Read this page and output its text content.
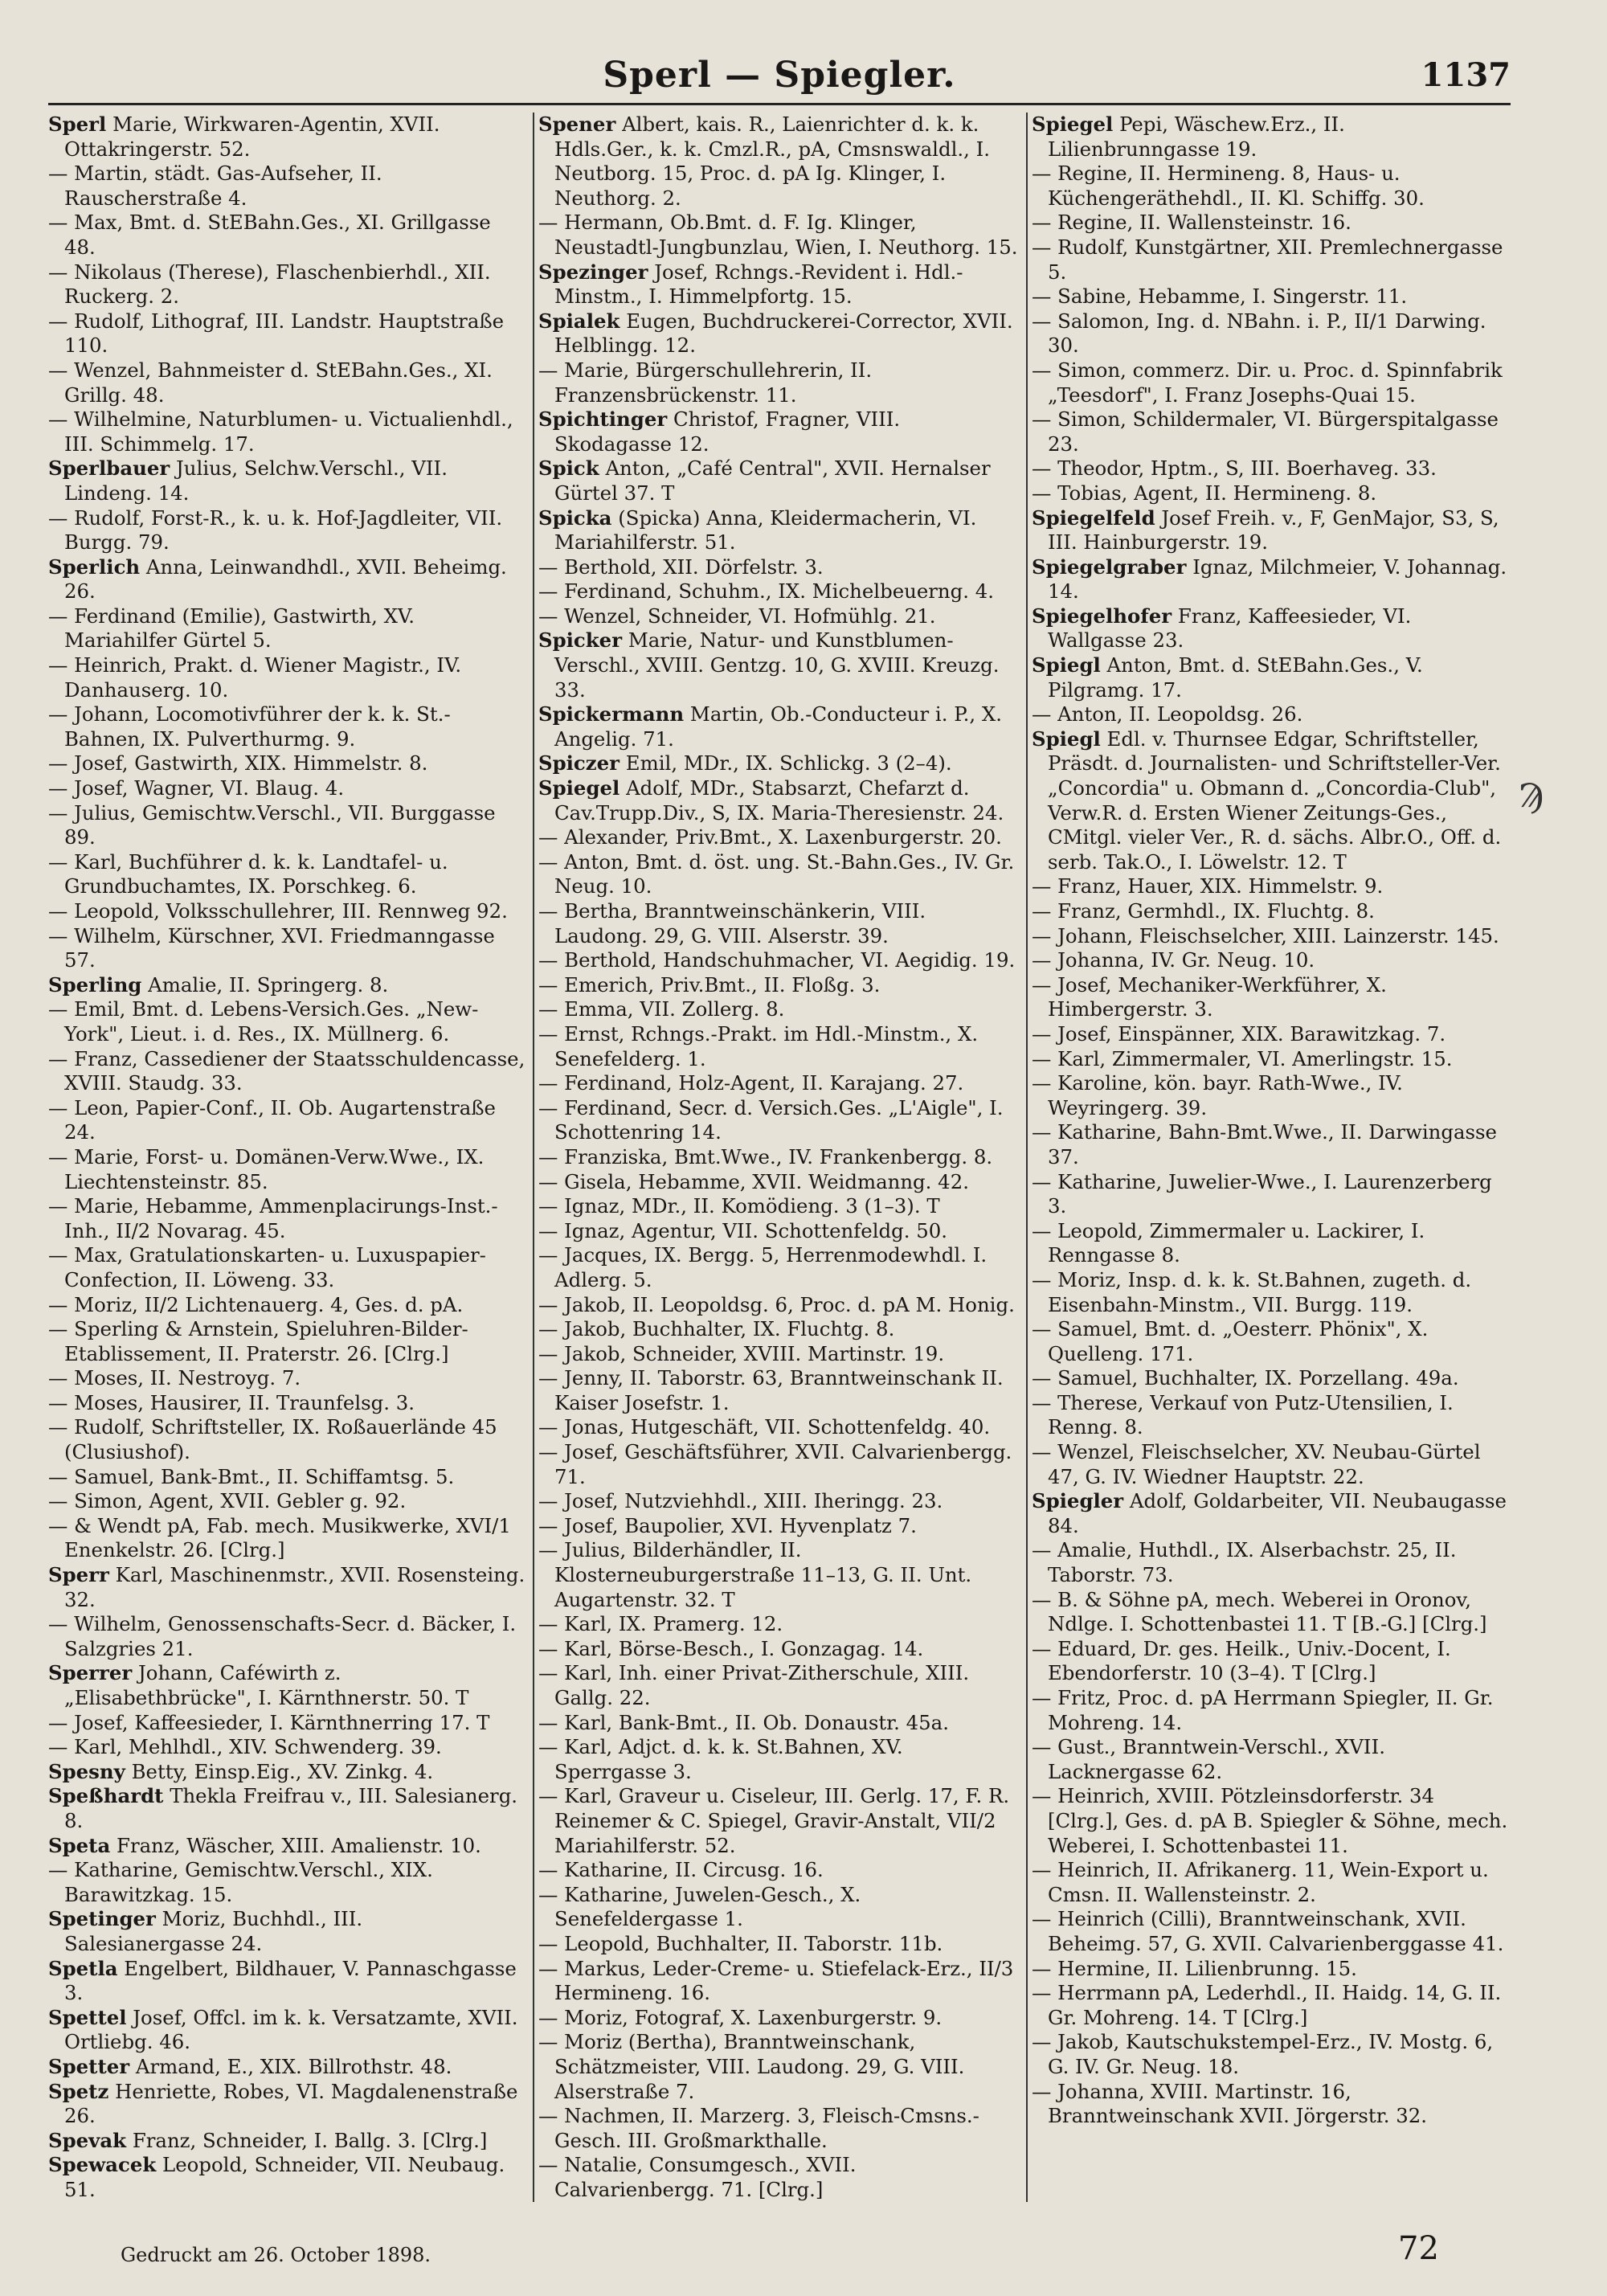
Sperl — Spiegler.	1137

Sperl Marie, Wirkwaren-Agentin, XVII. Ottakringerstr. 52.

— Martin, städt. Gas-Aufseher, II. Rauscherstraße 4.

— Max, Bmt. d. StEBahn.Ges., XI. Grillgasse 48.

— Nikolaus (Therese), Flaschenbierhdl., XII. Ruckerg. 2.

— Rudolf, Lithograf, III. Landstr. Hauptstraße 110.

— Wenzel, Bahnmeister d. StEBahn.Ges., XI. Grillg. 48.

— Wilhelmine, Naturblumen- u. Victualienhdl., III. Schimmelg. 17.

Sperlbauer Julius, Selchw.Verschl., VII. Lindeng. 14.

— Rudolf, Forst-R., k. u. k. Hof-Jagdleiter, VII. Burgg. 79.

Sperlich Anna, Leinwandhdl., XVII. Beheimg. 26.

— Ferdinand (Emilie), Gastwirth, XV. Mariahilfer Gürtel 5.

— Heinrich, Prakt. d. Wiener Magistr., IV. Danhauserg. 10.

— Johann, Locomotivführer der k. k. St.-Bahnen, IX. Pulverthurmg. 9.

— Josef, Gastwirth, XIX. Himmelstr. 8.

— Josef, Wagner, VI. Blaug. 4.

— Julius, Gemischtw.Verschl., VII. Burggasse 89.

— Karl, Buchführer d. k. k. Landtafel- u. Grundbuchamtes, IX. Porschkeg. 6.

— Leopold, Volksschullehrer, III. Rennweg 92.

— Wilhelm, Kürschner, XVI. Friedmanngasse 57.

Sperling Amalie, II. Springerg. 8.

— Emil, Bmt. d. Lebens-Versich.Ges. „New-York", Lieut. i. d. Res., IX. Müllnerg. 6.

— Franz, Cassediener der Staatsschuldencasse, XVIII. Staudg. 33.

— Leon, Papier-Conf., II. Ob. Augartenstraße 24.

— Marie, Forst- u. Domänen-Verw.Wwe., IX. Liechtensteinstr. 85.

— Marie, Hebamme, Ammenplacirungs-Inst.-Inh., II/2 Novarag. 45.

— Max, Gratulationskarten- u. Luxuspapier-Confection, II. Löweng. 33.

— Moriz, II/2 Lichtenauerg. 4, Ges. d. pA.

— Sperling & Arnstein, Spieluhren-Bilder-Etablissement, II. Praterstr. 26. [Clrg.]

— Moses, II. Nestroyg. 7.

— Moses, Hausirer, II. Traunfelsg. 3.

— Rudolf, Schriftsteller, IX. Roßauerlände 45 (Clusiushof).

— Samuel, Bank-Bmt., II. Schiffamtsg. 5.

— Simon, Agent, XVII. Gebler g. 92.

— & Wendt pA, Fab. mech. Musikwerke, XVI/1 Enenkelstr. 26. [Clrg.]

Sperr Karl, Maschinenmstr., XVII. Rosensteing. 32.

— Wilhelm, Genossenschafts-Secr. d. Bäcker, I. Salzgries 21.

Sperrer Johann, Caféwirth z. „Elisabethbrücke", I. Kärnthnerstr. 50. T

— Josef, Kaffeesieder, I. Kärnthnerring 17. T

— Karl, Mehlhdl., XIV. Schwenderg. 39.

Spesny Betty, Einsp.Eig., XV. Zinkg. 4.

Speßhardt Thekla Freifrau v., III. Salesianerg. 8.

Speta Franz, Wäscher, XIII. Amalienstr. 10.

— Katharine, Gemischtw.Verschl., XIX. Barawitzkag. 15.

Spetinger Moriz, Buchhdl., III. Salesianergasse 24.

Spetla Engelbert, Bildhauer, V. Pannaschgasse 3.

Spettel Josef, Offcl. im k. k. Versatzamte, XVII. Ortliebg. 46.

Spetter Armand, E., XIX. Billrothstr. 48.

Spetz Henriette, Robes, VI. Magdalenenstraße 26.

Spevak Franz, Schneider, I. Ballg. 3. [Clrg.]

Spewacek Leopold, Schneider, VII. Neubaug. 51.

Spener Albert, kais. R., Laienrichter d. k. k. Hdls.Ger., k. k. Cmzl.R., pA, Cmsnswaldl., I. Neutborg. 15, Proc. d. pA Ig. Klinger, I. Neuthorg. 2.

— Hermann, Ob.Bmt. d. F. Ig. Klinger, Neustadtl-Jungbunzlau, Wien, I. Neuthorg. 15.

Spezinger Josef, Rchngs.-Revident i. Hdl.-Minstm., I. Himmelpfortg. 15.

Spialek Eugen, Buchdruckerei-Corrector, XVII. Helblingg. 12.

— Marie, Bürgerschullehrerin, II. Franzensbrückenstr. 11.

Spichtinger Christof, Fragner, VIII. Skodagasse 12.

Spick Anton, „Café Central", XVII. Hernalser Gürtel 37. T

Spicka (Spicka) Anna, Kleidermacherin, VI. Mariahilferstr. 51.

— Berthold, XII. Dörfelstr. 3.

— Ferdinand, Schuhm., IX. Michelbeuerng. 4.

— Wenzel, Schneider, VI. Hofmühlg. 21.

Spicker Marie, Natur- und Kunstblumen-Verschl., XVIII. Gentzg. 10, G. XVIII. Kreuzg. 33.

Spickermann Martin, Ob.-Conducteur i. P., X. Angelig. 71.

Spiczer Emil, MDr., IX. Schlickg. 3 (2–4).

Spiegel Adolf, MDr., Stabsarzt, Chefarzt d. Cav.Trupp.Div., S, IX. Maria-Theresienstr. 24.

— Alexander, Priv.Bmt., X. Laxenburgerstr. 20.

— Anton, Bmt. d. öst. ung. St.-Bahn.Ges., IV. Gr. Neug. 10.

— Bertha, Branntweinschänkerin, VIII. Laudong. 29, G. VIII. Alserstr. 39.

— Berthold, Handschuhmacher, VI. Aegidig. 19.

— Emerich, Priv.Bmt., II. Floßg. 3.

— Emma, VII. Zollerg. 8.

— Ernst, Rchngs.-Prakt. im Hdl.-Minstm., X. Senefelderg. 1.

— Ferdinand, Holz-Agent, II. Karajang. 27.

— Ferdinand, Secr. d. Versich.Ges. „L'Aigle", I. Schottenring 14.

— Franziska, Bmt.Wwe., IV. Frankenbergg. 8.

— Gisela, Hebamme, XVII. Weidmanng. 42.

— Ignaz, MDr., II. Komödieng. 3 (1–3). T

— Ignaz, Agentur, VII. Schottenfeldg. 50.

— Jacques, IX. Bergg. 5, Herrenmodewhdl. I. Adlerg. 5.

— Jakob, II. Leopoldsg. 6, Proc. d. pA M. Honig.

— Jakob, Buchhalter, IX. Fluchtg. 8.

— Jakob, Schneider, XVIII. Martinstr. 19.

— Jenny, II. Taborstr. 63, Branntweinschank II. Kaiser Josefstr. 1.

— Jonas, Hutgeschäft, VII. Schottenfeldg. 40.

— Josef, Geschäftsführer, XVII. Calvarienbergg. 71.

— Josef, Nutzviehhdl., XIII. Iheringg. 23.

— Josef, Baupolier, XVI. Hyvenplatz 7.

— Julius, Bilderhändler, II. Klosterneuburgerstraße 11–13, G. II. Unt. Augartenstr. 32. T

— Karl, IX. Pramerg. 12.

— Karl, Börse-Besch., I. Gonzagag. 14.

— Karl, Inh. einer Privat-Zitherschule, XIII. Gallg. 22.

— Karl, Bank-Bmt., II. Ob. Donaustr. 45a.

— Karl, Adjct. d. k. k. St.Bahnen, XV. Sperrgasse 3.

— Karl, Graveur u. Ciseleur, III. Gerlg. 17, F. R. Reinemer & C. Spiegel, Gravir-Anstalt, VII/2 Mariahilferstr. 52.

— Katharine, II. Circusg. 16.

— Katharine, Juwelen-Gesch., X. Senefeldergasse 1.

— Leopold, Buchhalter, II. Taborstr. 11b.

— Markus, Leder-Creme- u. Stiefelack-Erz., II/3 Hermineng. 16.

— Moriz, Fotograf, X. Laxenburgerstr. 9.

— Moriz (Bertha), Branntweinschank, Schätzmeister, VIII. Laudong. 29, G. VIII. Alserstraße 7.

— Nachmen, II. Marzerg. 3, Fleisch-Cmsns.-Gesch. III. Großmarkthalle.

— Natalie, Consumgesch., XVII. Calvarienbergg. 71. [Clrg.]

Spiegel Pepi, Wäschew.Erz., II. Lilienbrunngasse 19.

— Regine, II. Hermineng. 8, Haus- u. Küchengeräthehdl., II. Kl. Schiffg. 30.

— Regine, II. Wallensteinstr. 16.

— Rudolf, Kunstgärtner, XII. Premlechnergasse 5.

— Sabine, Hebamme, I. Singerstr. 11.

— Salomon, Ing. d. NBahn. i. P., II/1 Darwing. 30.

— Simon, commerz. Dir. u. Proc. d. Spinnfabrik „Teesdorf", I. Franz Josephs-Quai 15.

— Simon, Schildermaler, VI. Bürgerspitalgasse 23.

— Theodor, Hptm., S, III. Boerhaveg. 33.

— Tobias, Agent, II. Hermineng. 8.

Spiegelfeld Josef Freih. v., F, GenMajor, S3, S, III. Hainburgerstr. 19.

Spiegelgraber Ignaz, Milchmeier, V. Johannag. 14.

Spiegelhofer Franz, Kaffeesieder, VI. Wallgasse 23.

Spiegl Anton, Bmt. d. StEBahn.Ges., V. Pilgramg. 17.

— Anton, II. Leopoldsg. 26.

Spiegl Edl. v. Thurnsee Edgar, Schriftsteller, Präsdt. d. Journalisten- und Schriftsteller-Ver. „Concordia" u. Obmann d. „Concordia-Club", Verw.R. d. Ersten Wiener Zeitungs-Ges., CMitgl. vieler Ver., R. d. sächs. Albr.O., Off. d. serb. Tak.O., I. Löwelstr. 12. T

— Franz, Hauer, XIX. Himmelstr. 9.

— Franz, Germhdl., IX. Fluchtg. 8.

— Johann, Fleischselcher, XIII. Lainzerstr. 145.

— Johanna, IV. Gr. Neug. 10.

— Josef, Mechaniker-Werkführer, X. Himbergerstr. 3.

— Josef, Einspänner, XIX. Barawitzkag. 7.

— Karl, Zimmermaler, VI. Amerlingstr. 15.

— Karoline, kön. bayr. Rath-Wwe., IV. Weyringerg. 39.

— Katharine, Bahn-Bmt.Wwe., II. Darwingasse 37.

— Katharine, Juwelier-Wwe., I. Laurenzerberg 3.

— Leopold, Zimmermaler u. Lackirer, I. Renngasse 8.

— Moriz, Insp. d. k. k. St.Bahnen, zugeth. d. Eisenbahn-Minstm., VII. Burgg. 119.

— Samuel, Bmt. d. „Oesterr. Phönix", X. Quelleng. 171.

— Samuel, Buchhalter, IX. Porzellang. 49a.

— Therese, Verkauf von Putz-Utensilien, I. Renng. 8.

— Wenzel, Fleischselcher, XV. Neubau-Gürtel 47, G. IV. Wiedner Hauptstr. 22.

Spiegler Adolf, Goldarbeiter, VII. Neubaugasse 84.

— Amalie, Huthdl., IX. Alserbachstr. 25, II. Taborstr. 73.

— B. & Söhne pA, mech. Weberei in Oronov, Ndlge. I. Schottenbastei 11. T [B.-G.] [Clrg.]

— Eduard, Dr. ges. Heilk., Univ.-Docent, I. Ebendorferstr. 10 (3–4). T [Clrg.]

— Fritz, Proc. d. pA Herrmann Spiegler, II. Gr. Mohreng. 14.

— Gust., Branntwein-Verschl., XVII. Lacknergasse 62.

— Heinrich, XVIII. Pötzleinsdorferstr. 34 [Clrg.], Ges. d. pA B. Spiegler & Söhne, mech. Weberei, I. Schottenbastei 11.

— Heinrich, II. Afrikanerg. 11, Wein-Export u. Cmsn. II. Wallensteinstr. 2.

— Heinrich (Cilli), Branntweinschank, XVII. Beheimg. 57, G. XVII. Calvarienberggasse 41.

— Hermine, II. Lilienbrunng. 15.

— Herrmann pA, Lederhdl., II. Haidg. 14, G. II. Gr. Mohreng. 14. T [Clrg.]

— Jakob, Kautschukstempel-Erz., IV. Mostg. 6, G. IV. Gr. Neug. 18.

— Johanna, XVIII. Martinstr. 16, Branntweinschank XVII. Jörgerstr. 32.

Ϡ
Gedruckt am 26. October 1898.	72
